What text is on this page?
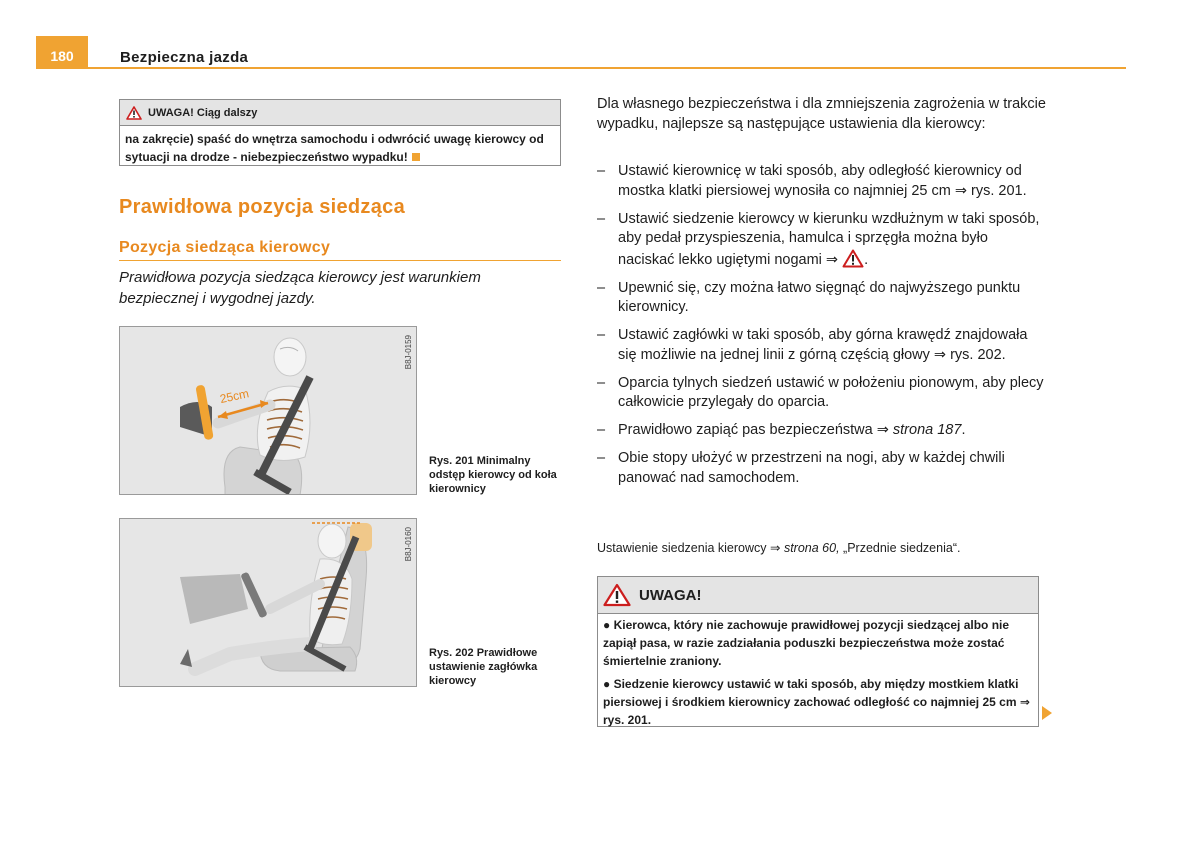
180	Bezpieczna jazda
UWAGA! Ciąg dalszy
na zakręcie) spaść do wnętrza samochodu i odwrócić uwagę kierowcy od sytuacji na drodze - niebezpieczeństwo wypadku!
Prawidłowa pozycja siedząca
Pozycja siedząca kierowcy
Prawidłowa pozycja siedząca kierowcy jest warunkiem bezpiecznej i wygodnej jazdy.
25cm
B8J-0159
Rys. 201 Minimalny odstęp kierowcy od koła kierownicy
B8J-0160
Rys. 202 Prawidłowe ustawienie zagłówka kierowcy
Dla własnego bezpieczeństwa i dla zmniejszenia zagrożenia w trakcie wypadku, najlepsze są następujące ustawienia dla kierowcy:
– Ustawić kierownicę w taki sposób, aby odległość kierownicy od mostka klatki piersiowej wynosiła co najmniej 25 cm ⇒ rys. 201.
– Ustawić siedzenie kierowcy w kierunku wzdłużnym w taki sposób, aby pedał przyspieszenia, hamulca i sprzęgła można było naciskać lekko ugiętymi nogami ⇒ .
– Upewnić się, czy można łatwo sięgnąć do najwyższego punktu kierownicy.
– Ustawić zagłówki w taki sposób, aby górna krawędź znajdowała się możliwie na jednej linii z górną częścią głowy ⇒ rys. 202.
– Oparcia tylnych siedzeń ustawić w położeniu pionowym, aby plecy całkowicie przylegały do oparcia.
– Prawidłowo zapiąć pas bezpieczeństwa ⇒ strona 187.
– Obie stopy ułożyć w przestrzeni na nogi, aby w każdej chwili panować nad samochodem.
Ustawienie siedzenia kierowcy ⇒ strona 60, „Przednie siedzenia“.
UWAGA!
● Kierowca, który nie zachowuje prawidłowej pozycji siedzącej albo nie zapiął pasa, w razie zadziałania poduszki bezpieczeństwa może zostać śmiertelnie zraniony.
● Siedzenie kierowcy ustawić w taki sposób, aby między mostkiem klatki piersiowej i środkiem kierownicy zachować odległość co najmniej 25 cm ⇒ rys. 201.
